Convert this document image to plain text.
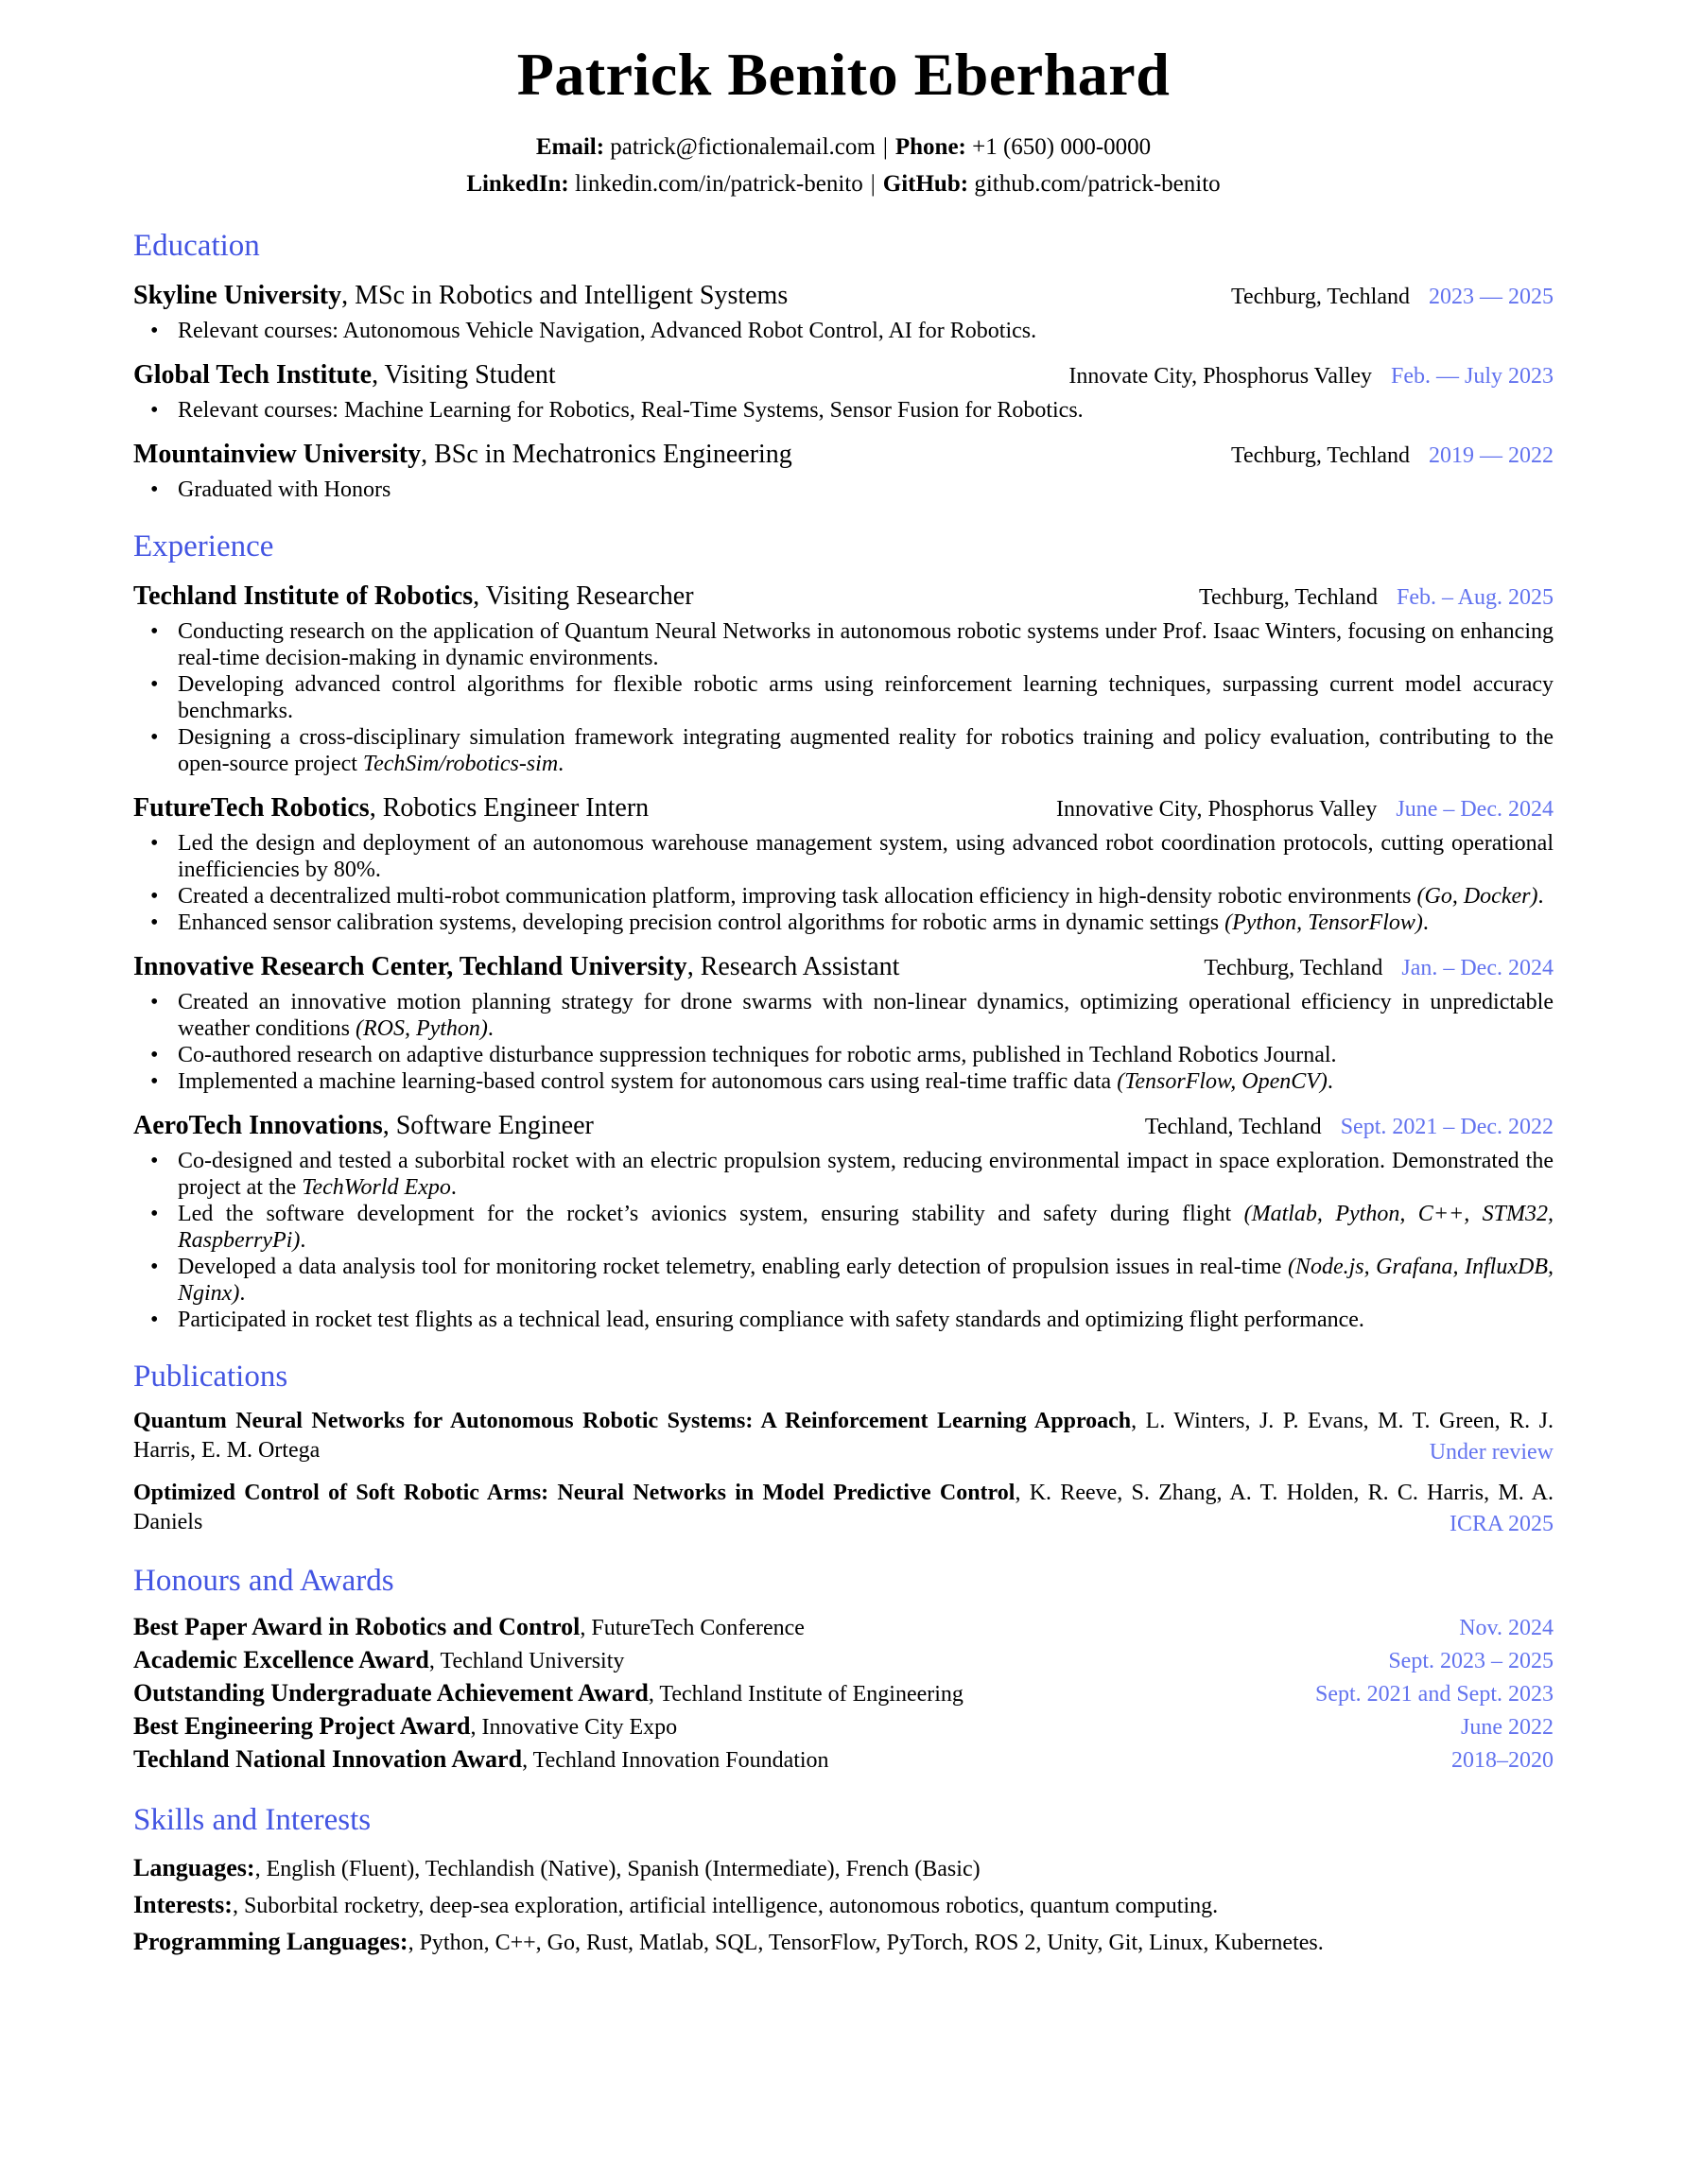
Patrick Benito Eberhard
Email: patrick@fictionalemail.com | Phone: +1 (650) 000-0000
LinkedIn: linkedin.com/in/patrick-benito | GitHub: github.com/patrick-benito
Education
Skyline University, MSc in Robotics and Intelligent Systems	Techburg, Techland 2023 — 2025
• Relevant courses: Autonomous Vehicle Navigation, Advanced Robot Control, AI for Robotics.
Global Tech Institute, Visiting Student	Innovate City, Phosphorus Valley Feb. — July 2023
• Relevant courses: Machine Learning for Robotics, Real-Time Systems, Sensor Fusion for Robotics.
Mountainview University, BSc in Mechatronics Engineering	Techburg, Techland 2019 — 2022
• Graduated with Honors
Experience
Techland Institute of Robotics, Visiting Researcher	Techburg, Techland Feb. – Aug. 2025
• Conducting research on the application of Quantum Neural Networks in autonomous robotic systems under Prof. Isaac Winters, focusing on enhancing real-time decision-making in dynamic environments.
• Developing advanced control algorithms for flexible robotic arms using reinforcement learning techniques, surpassing current model accuracy benchmarks.
• Designing a cross-disciplinary simulation framework integrating augmented reality for robotics training and policy evaluation, contributing to the open-source project TechSim/robotics-sim.
FutureTech Robotics, Robotics Engineer Intern	Innovative City, Phosphorus Valley June – Dec. 2024
• Led the design and deployment of an autonomous warehouse management system, using advanced robot coordination protocols, cutting operational inefficiencies by 80%.
• Created a decentralized multi-robot communication platform, improving task allocation efficiency in high-density robotic environments (Go, Docker).
• Enhanced sensor calibration systems, developing precision control algorithms for robotic arms in dynamic settings (Python, TensorFlow).
Innovative Research Center, Techland University, Research Assistant	Techburg, Techland Jan. – Dec. 2024
• Created an innovative motion planning strategy for drone swarms with non-linear dynamics, optimizing operational efficiency in unpredictable weather conditions (ROS, Python).
• Co-authored research on adaptive disturbance suppression techniques for robotic arms, published in Techland Robotics Journal.
• Implemented a machine learning-based control system for autonomous cars using real-time traffic data (TensorFlow, OpenCV).
AeroTech Innovations, Software Engineer	Techland, Techland Sept. 2021 – Dec. 2022
• Co-designed and tested a suborbital rocket with an electric propulsion system, reducing environmental impact in space exploration. Demonstrated the project at the TechWorld Expo.
• Led the software development for the rocket’s avionics system, ensuring stability and safety during flight (Matlab, Python, C++, STM32, RaspberryPi).
• Developed a data analysis tool for monitoring rocket telemetry, enabling early detection of propulsion issues in real-time (Node.js, Grafana, InfluxDB, Nginx).
• Participated in rocket test flights as a technical lead, ensuring compliance with safety standards and optimizing flight performance.
Publications

Quantum Neural Networks for Autonomous Robotic Systems: A Reinforcement Learning Approach, L. Winters, J. P. Evans, M. T. Green, R. J. Harris, E. M. Ortega	Under review

Optimized Control of Soft Robotic Arms: Neural Networks in Model Predictive Control, K. Reeve, S. Zhang, A. T. Holden, R. C. Harris, M. A. Daniels	ICRA 2025
Honours and Awards
Best Paper Award in Robotics and Control, FutureTech Conference	Nov. 2024
Academic Excellence Award, Techland University	Sept. 2023 – 2025
Outstanding Undergraduate Achievement Award, Techland Institute of Engineering	Sept. 2021 and Sept. 2023
Best Engineering Project Award, Innovative City Expo	June 2022
Techland National Innovation Award, Techland Innovation Foundation	2018–2020
Skills and Interests

Languages:, English (Fluent), Techlandish (Native), Spanish (Intermediate), French (Basic)

Interests:, Suborbital rocketry, deep-sea exploration, artificial intelligence, autonomous robotics, quantum computing.

Programming Languages:, Python, C++, Go, Rust, Matlab, SQL, TensorFlow, PyTorch, ROS 2, Unity, Git, Linux, Kubernetes.
